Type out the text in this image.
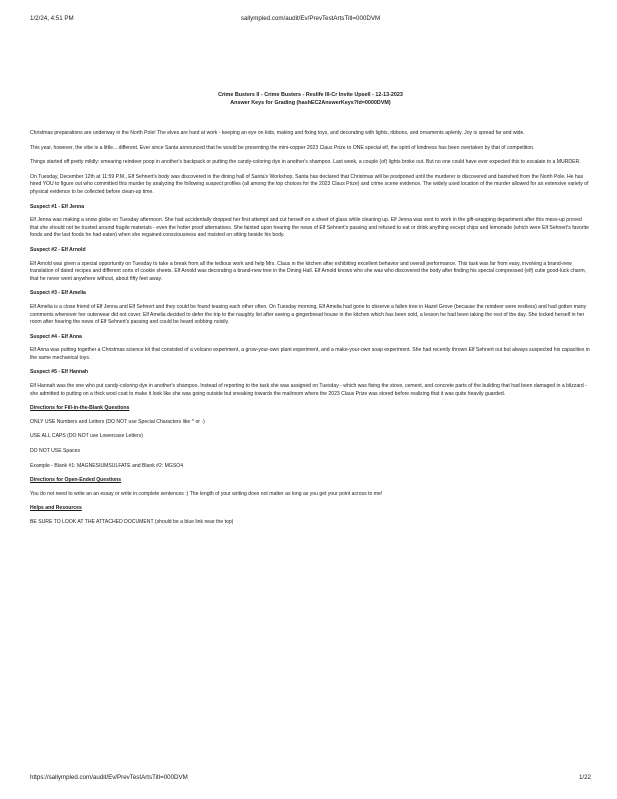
1/2/24, 4:51 PM	sallympled.com/audit/Ev/PrevTestArtsTitl=000DVM
Crime Busters II - Crime Busters - Reslife Ill-Cr Invite Upsell - 12-13-2023
Answer Keys for Grading (hashEC2AnswerKeys?ld=0000DVM)

Christmas preparations are underway in the North Pole! The elves are hard at work - keeping an eye on kids, making and fixing toys, and decorating with lights, ribbons, and ornaments aplenty. Joy is spread far and wide.

This year, however, the vibe is a little... different. Ever since Santa announced that he would be presenting the mini-copper 2023 Claus Prize to ONE special elf, the spirit of kindness has been overtaken by that of competition.

Things started off pretty mildly: smearing reindeer poop in another's backpack or putting the candy-coloring dye in another's shampoo. Last week, a couple (of) lights broke out. But no one could have ever expected this to escalate to a MURDER.

On Tuesday, December 12th at 11:59 P.M., Elf Sehnert's body was discovered in the dining hall of Santa's Workshop. Santa has declared that Christmas will be postponed until the murderer is discovered and banished from the North Pole. He has hired YOU to figure out who committed this murder by analyzing the following suspect profiles (all among the top choices for the 2023 Claus Prize) and crime scene evidence. The widely used location of the murder allowed for an extensive variety of physical evidence to be collected before clean-up time.

Suspect #1 - Elf Jenna

Elf Jenna was making a snow globe on Tuesday afternoon. She had accidentally dropped her first attempt and cut herself on a sheet of glass while cleaning up. Elf Jenna was sent to work in the gift-wrapping department after this mess-up proved that she should not be trusted around fragile materials - even the hotter proof alternatives. She fainted upon hearing the news of Elf Sehnert's passing and refused to eat or drink anything except chips and lemonade (which were Elf Sehnert's favorite foods and the last foods he had eaten) when she regained consciousness and insisted on sitting beside his body.

Suspect #2 - Elf Arnold

Elf Arnold was given a special opportunity on Tuesday to take a break from all the tedious work and help Mrs. Claus in the kitchen after exhibiting excellent behavior and overall performance. This task was far from easy, involving a brand-new translation of dated recipes and different sorts of cookie sheets. Elf Arnold was decorating a brand-new tree in the Dining Hall. Elf Arnold knows who she was who discovered the body after finding his special compressed (elf) cutie good-luck charm, that he never went anywhere without, about fifty feet away.

Suspect #3 - Elf Amelia

Elf Amelia is a close friend of Elf Jenna and Elf Sehnert and they could be found teasing each other often. On Tuesday morning, Elf Amelia had gone to observe a fallen tree in Hazel Grove (because the reindeer were restless) and had gotten many comments whenever her outerwear did not cover. Elf Amelia decided to defer the trip to the naughty list after seeing a gingerbread house in the kitchen which has been sold, a lesson he had been taking the rest of the day. She locked herself in her room after hearing the news of Elf Sehnert's passing and could be heard sobbing noisily.

Suspect #4 - Elf Anna

Elf Anna was putting together a Christmas science kit that consisted of a volcano experiment, a grow-your-own plant experiment, and a make-your-own soap experiment. She had recently thrown Elf Sehnert out but always suspected his capacities in the same mechanical toys.

Suspect #5 - Elf Hannah

Elf Hannah was the one who put candy-coloring dye in another's shampoo. Instead of reporting to the task she was assigned on Tuesday - which was fixing the stove, cement, and concrete parts of the building that had been damaged in a blizzard - she admitted to putting on a thick wool coat to make it look like she was going outside but sneaking towards the mailroom where the 2023 Claus Prize was stored before realizing that it was quite heavily guarded.

Directions for Fill-in-the-Blank Questions

ONLY USE Numbers and Letters (DO NOT use Special Characters like ^ or -)

USE ALL CAPS (DO NOT use Lowercase Letters)

DO NOT USE Spaces

Example - Blank #1: MAGNESIUMSULFATE and Blank #2: MGSO4

Directions for Open-Ended Questions

You do not need to write an an essay or write in complete sentences :) The length of your writing does not matter as long as you get your point across to me!

Helps and Resources

BE SURE TO LOOK AT THE ATTACHED DOCUMENT (should be a blue link near the top)

https://sallympled.com/audit/Ev/PrevTestArtsTitl=000DVM	1/22
